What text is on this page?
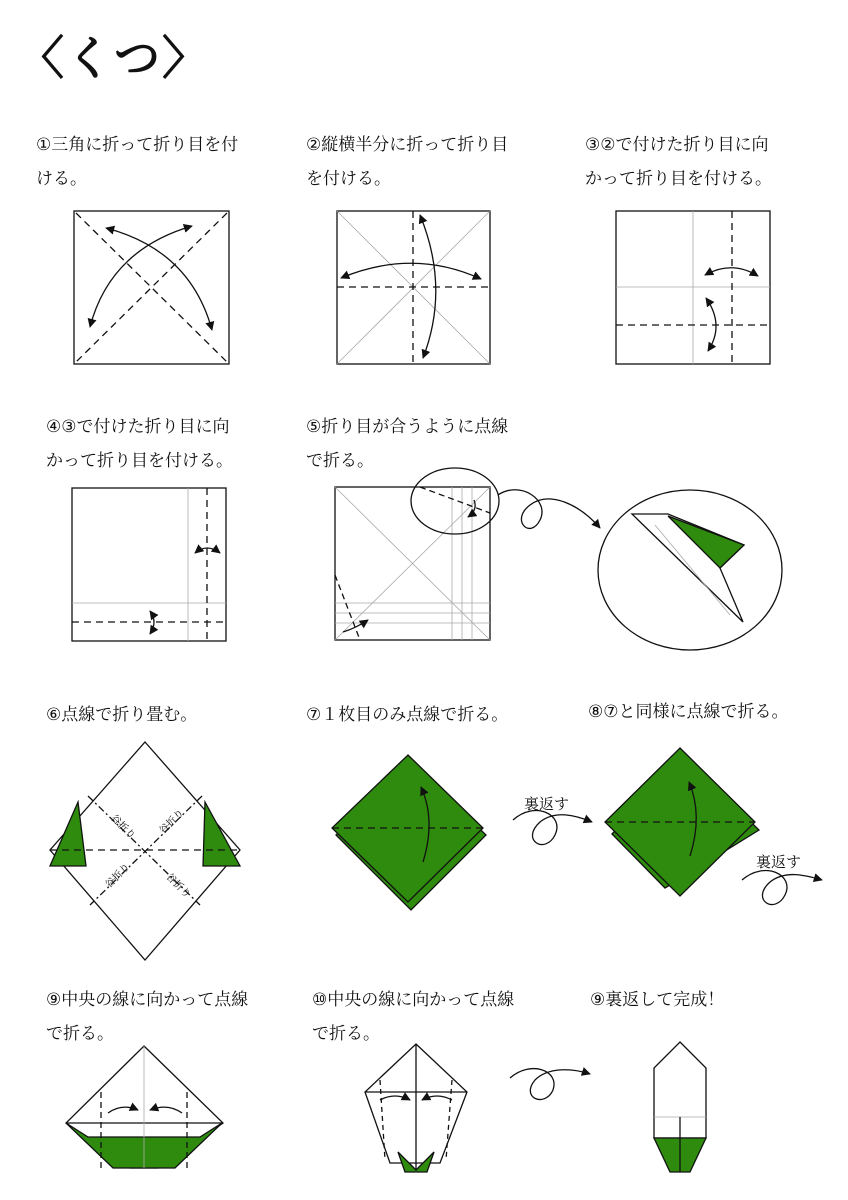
〈くつ〉
①三角に折って折り目を付
ける。
②縦横半分に折って折り目
を付ける。
③②で付けた折り目に向
かって折り目を付ける。
④③で付けた折り目に向
かって折り目を付ける。
⑤折り目が合うように点線
で折る。
⑥点線で折り畳む。	⑦１枚目のみ点線で折る。	⑧⑦と同様に点線で折る。
⑨中央の線に向かって点線
で折る。
⑩中央の線に向かって点線
で折る。
⑨裏返して完成！
裏返す
裏返す
谷折り 谷折り
谷折り	谷折り
